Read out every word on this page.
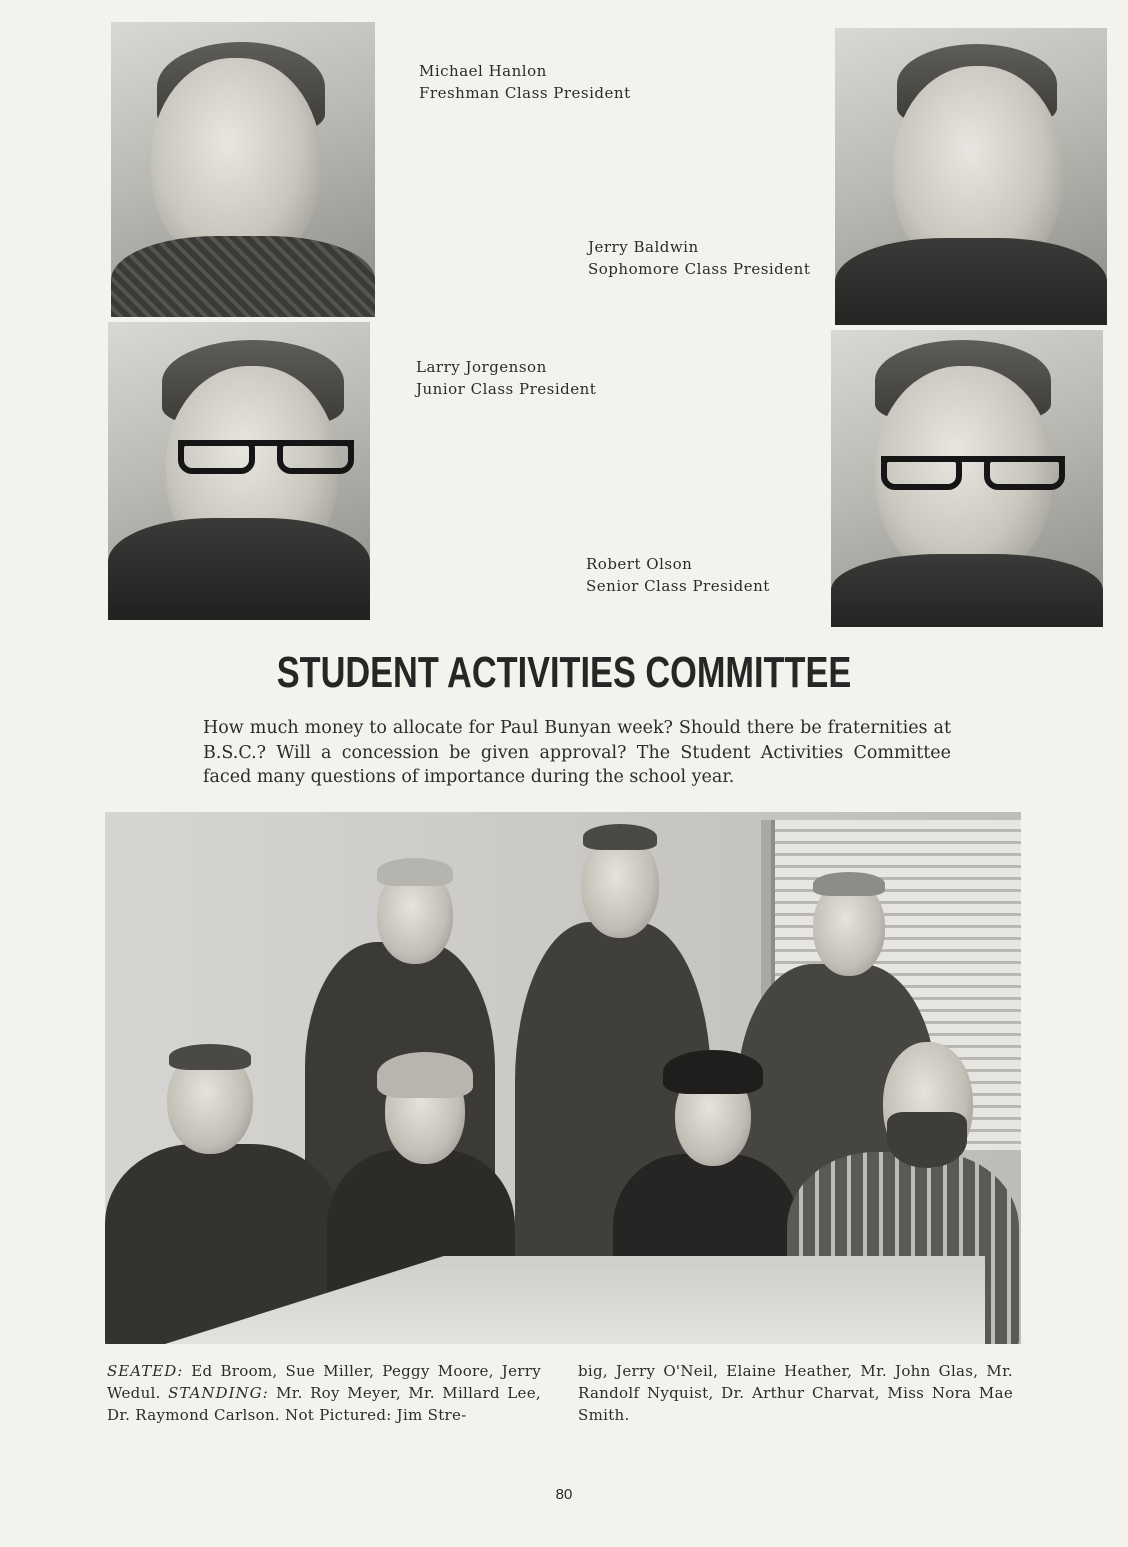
Michael Hanlon
Freshman Class President
Jerry Baldwin
Sophomore Class President
Larry Jorgenson
Junior Class President
Robert Olson
Senior Class President
STUDENT ACTIVITIES COMMITTEE
How much money to allocate for Paul Bunyan week? Should there be fraternities at B.S.C.? Will a concession be given approval? The Student Activities Committee faced many questions of importance during the school year.
SEATED: Ed Broom, Sue Miller, Peggy Moore, Jerry Wedul. STANDING: Mr. Roy Meyer, Mr. Millard Lee, Dr. Raymond Carlson. Not Pictured: Jim Stre-
big, Jerry O'Neil, Elaine Heather, Mr. John Glas, Mr. Randolf Nyquist, Dr. Arthur Charvat, Miss Nora Mae Smith.
80
